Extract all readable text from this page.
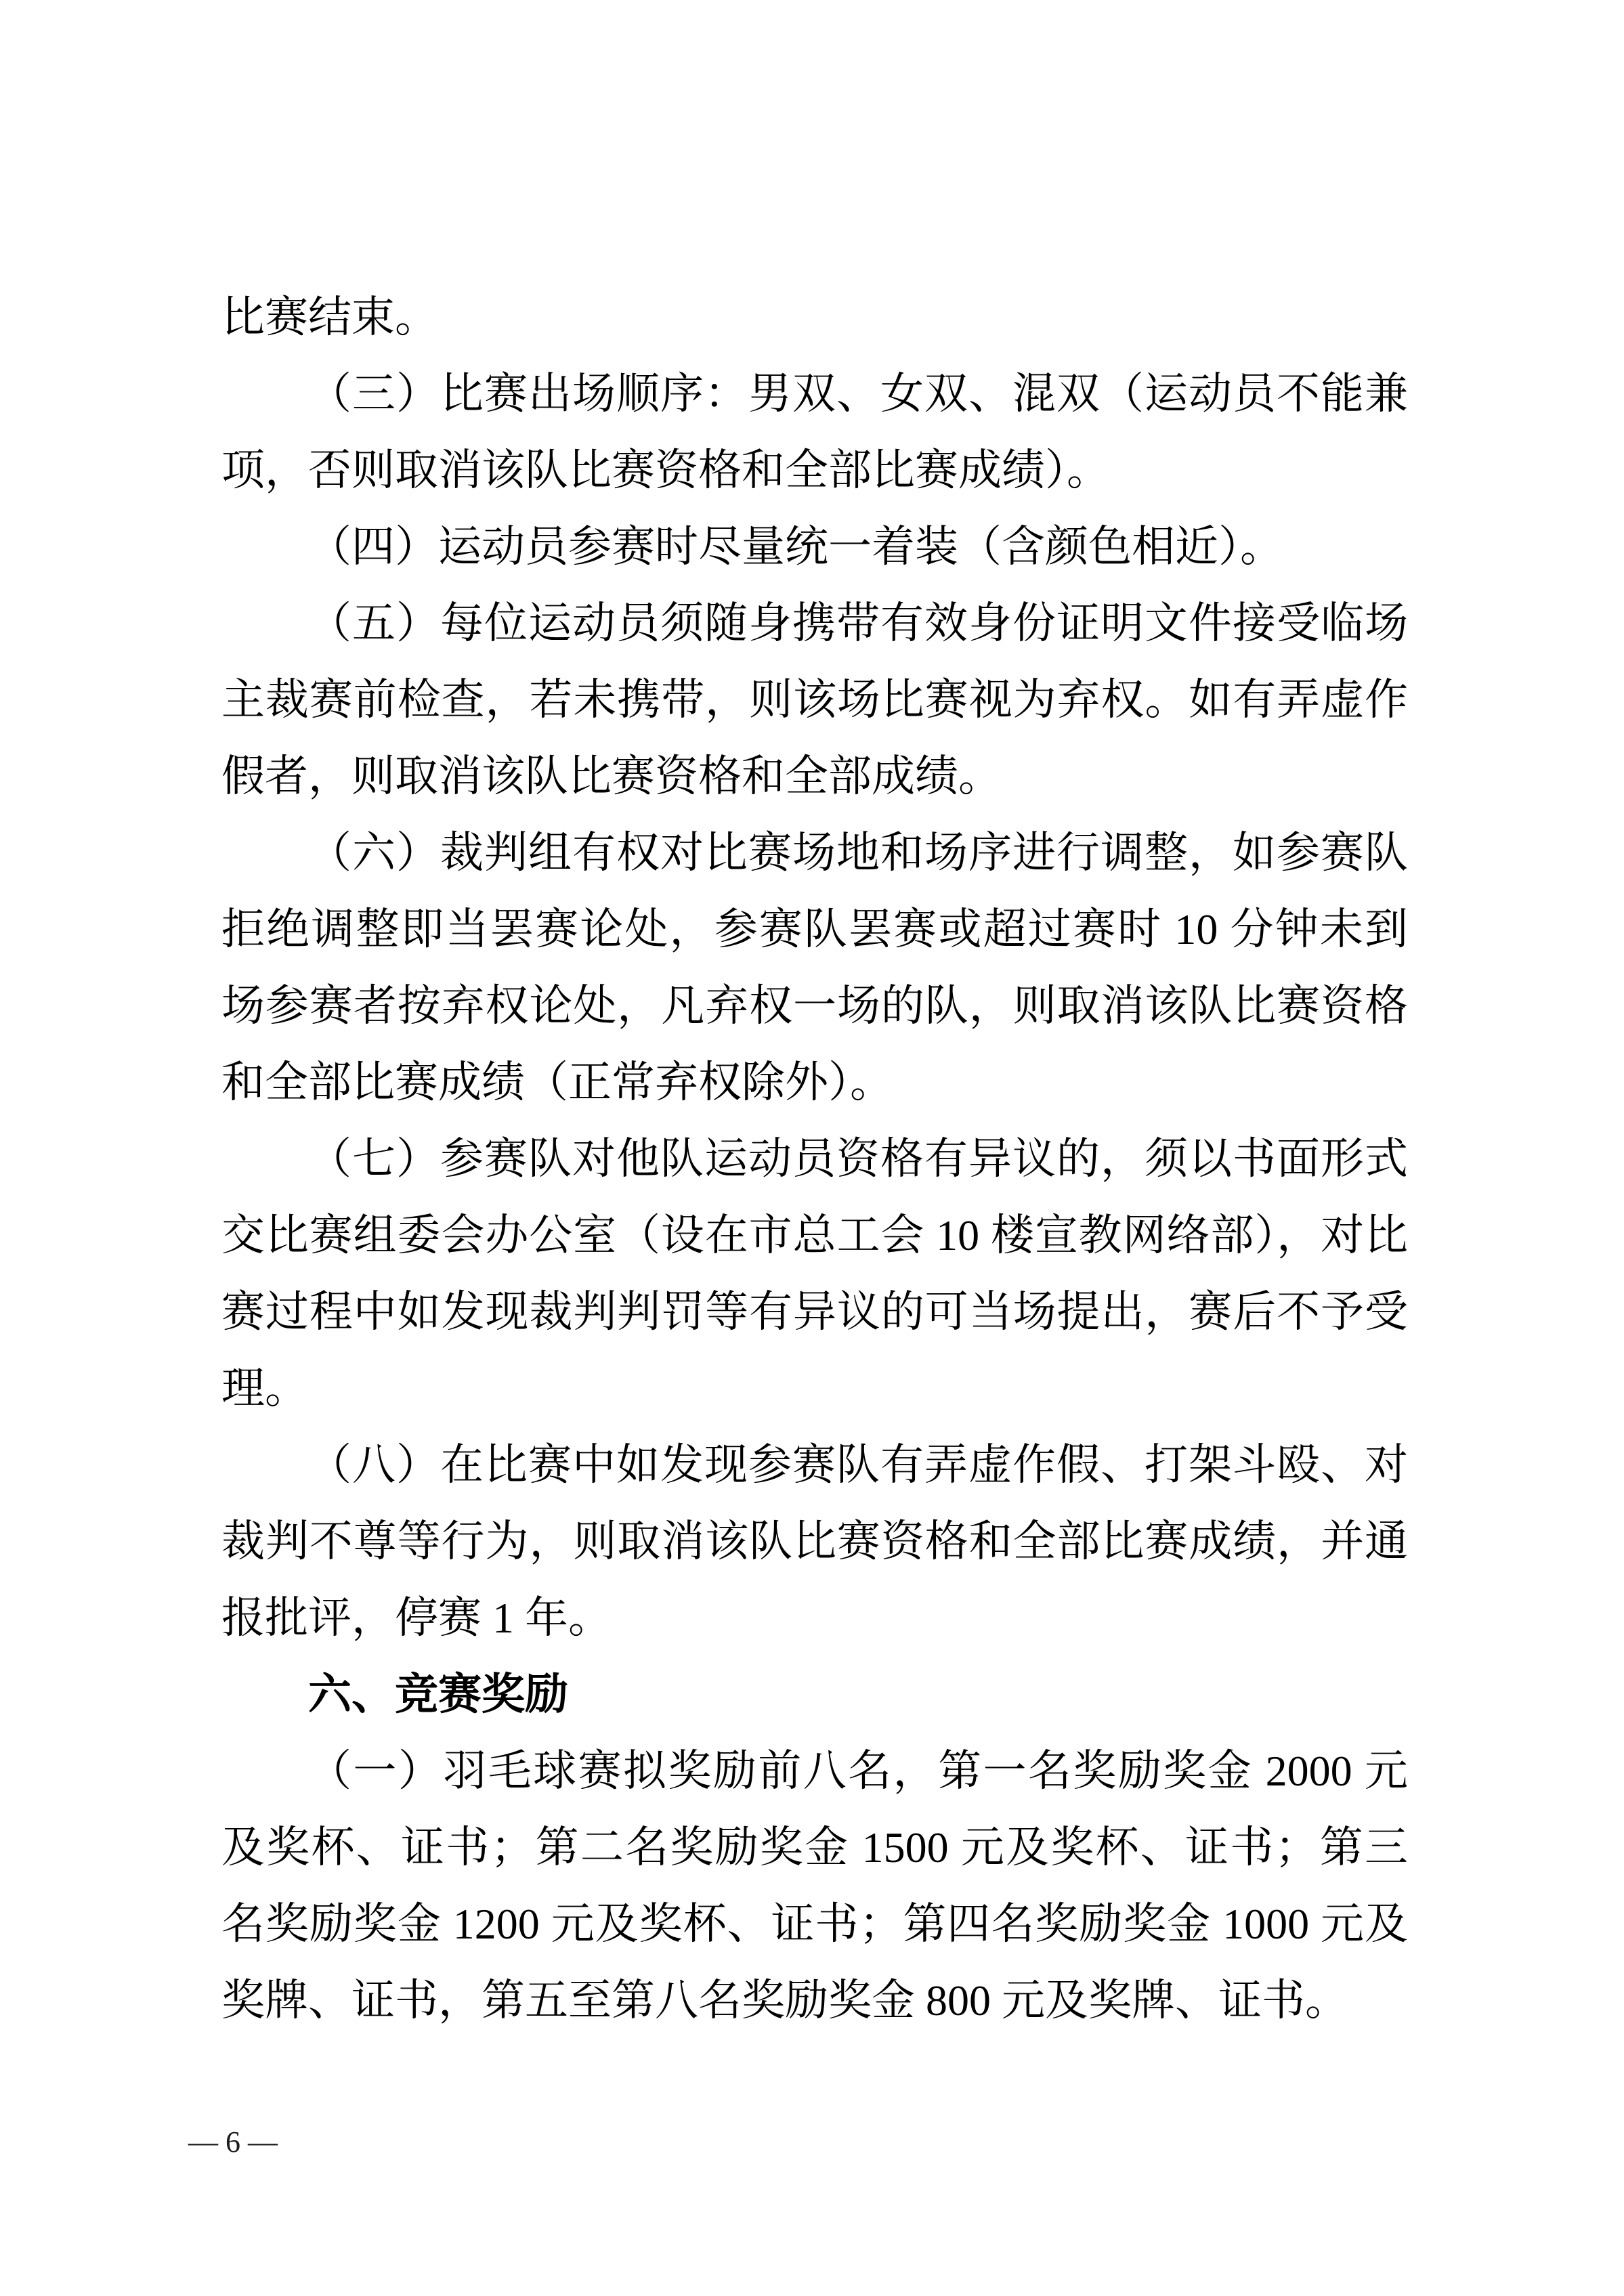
比赛结束。

（三）比赛出场顺序：男双、女双、混双（运动员不能兼项，否则取消该队比赛资格和全部比赛成绩）。

（四）运动员参赛时尽量统一着装（含颜色相近）。

（五）每位运动员须随身携带有效身份证明文件接受临场主裁赛前检查，若未携带，则该场比赛视为弃权。如有弄虚作假者，则取消该队比赛资格和全部成绩。

（六）裁判组有权对比赛场地和场序进行调整，如参赛队拒绝调整即当罢赛论处，参赛队罢赛或超过赛时 10 分钟未到场参赛者按弃权论处，凡弃权一场的队，则取消该队比赛资格和全部比赛成绩（正常弃权除外）。

（七）参赛队对他队运动员资格有异议的，须以书面形式交比赛组委会办公室（设在市总工会 10 楼宣教网络部），对比赛过程中如发现裁判判罚等有异议的可当场提出，赛后不予受理。

（八）在比赛中如发现参赛队有弄虚作假、打架斗殴、对裁判不尊等行为，则取消该队比赛资格和全部比赛成绩，并通报批评，停赛 1 年。

六、竞赛奖励

（一）羽毛球赛拟奖励前八名，第一名奖励奖金 2000 元及奖杯、证书；第二名奖励奖金 1500 元及奖杯、证书；第三名奖励奖金 1200 元及奖杯、证书；第四名奖励奖金 1000 元及奖牌、证书，第五至第八名奖励奖金 800 元及奖牌、证书。

— 6 —
